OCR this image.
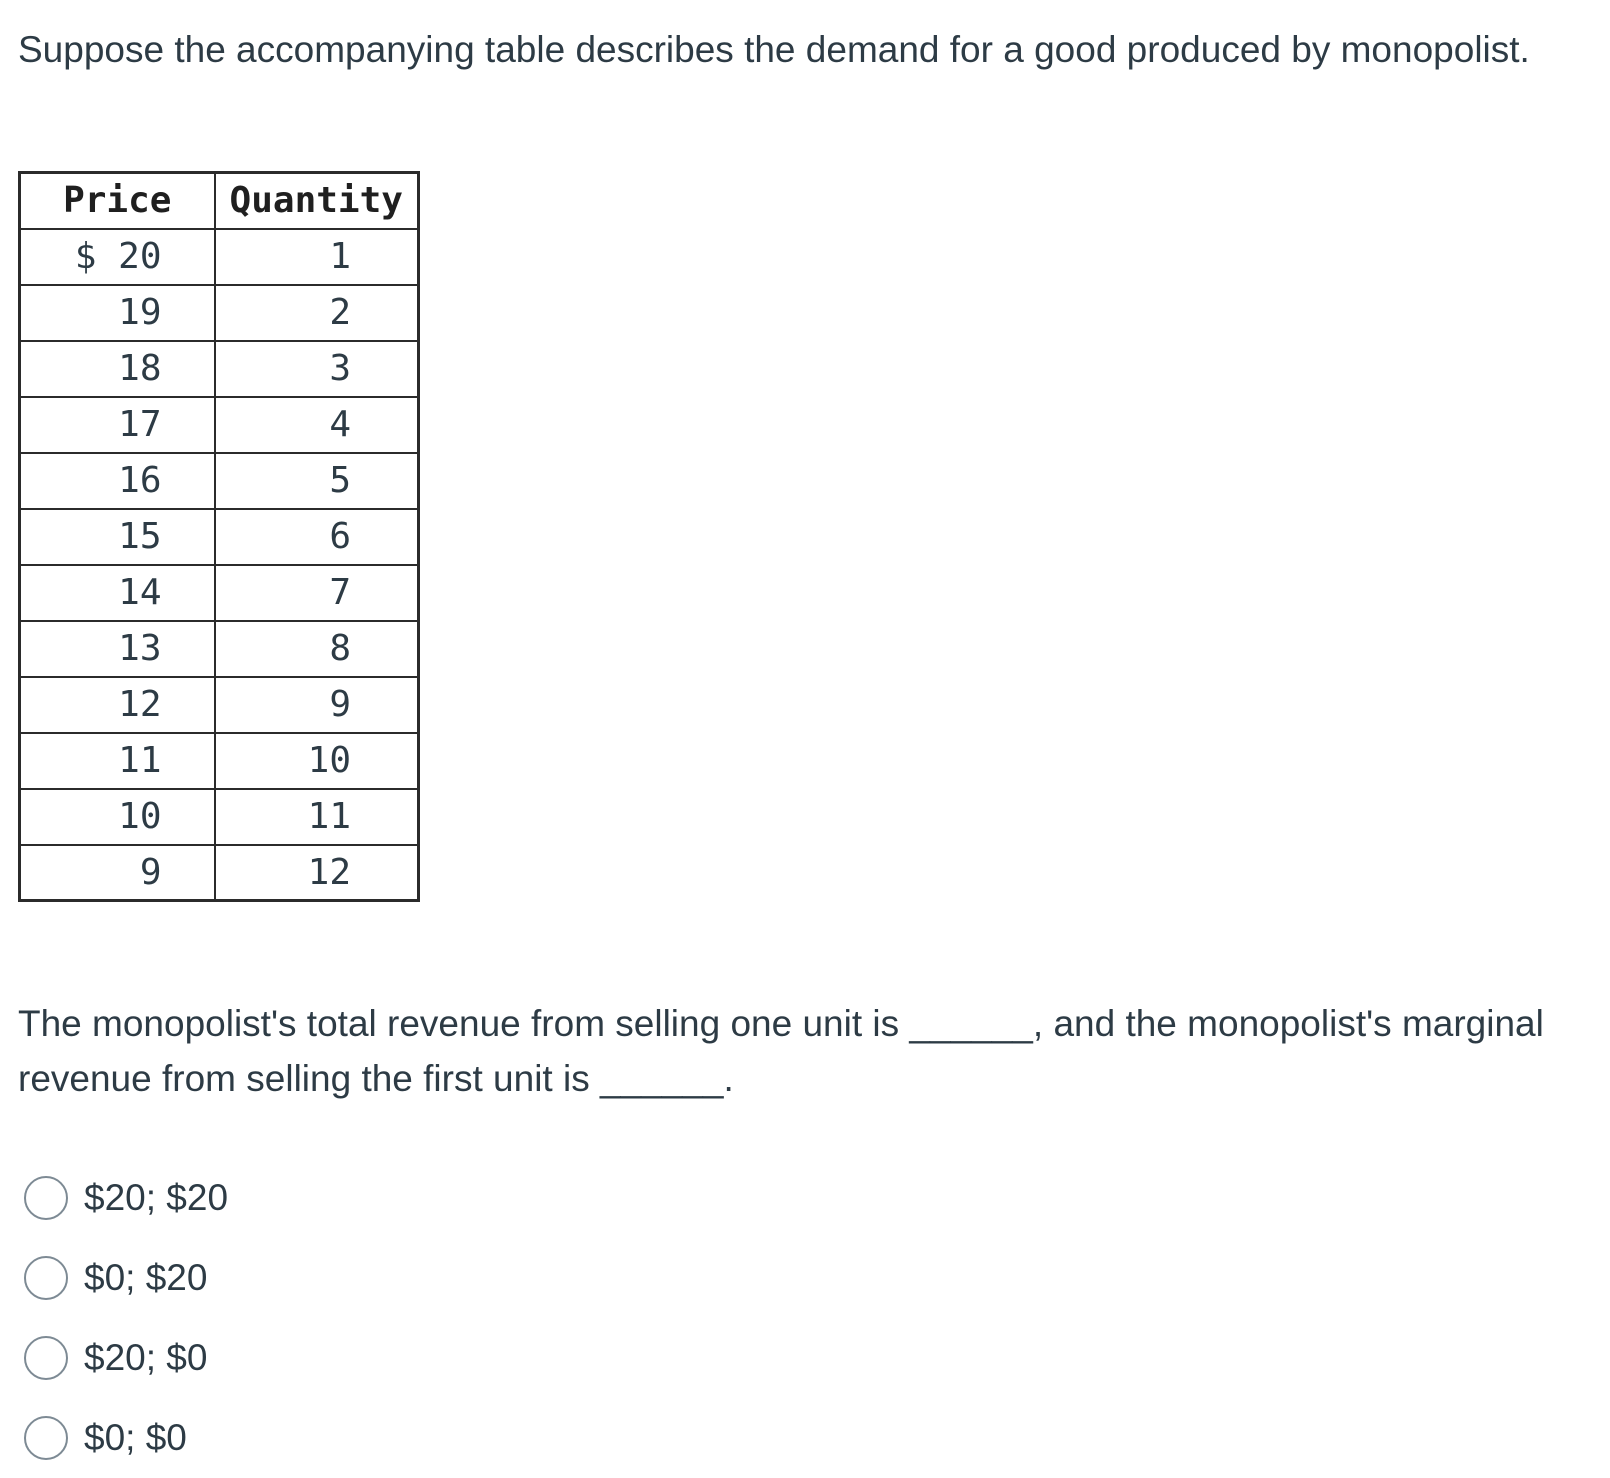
Suppose the accompanying table describes the demand for a good produced by monopolist.

Price	Quantity
$ 20	1
19	2
18	3
17	4
16	5
15	6
14	7
13	8
12	9
11	10
10	11
9	12

The monopolist's total revenue from selling one unit is ______, and the monopolist's marginal revenue from selling the first unit is ______.

$20; $20
$0; $20
$20; $0
$0; $0
